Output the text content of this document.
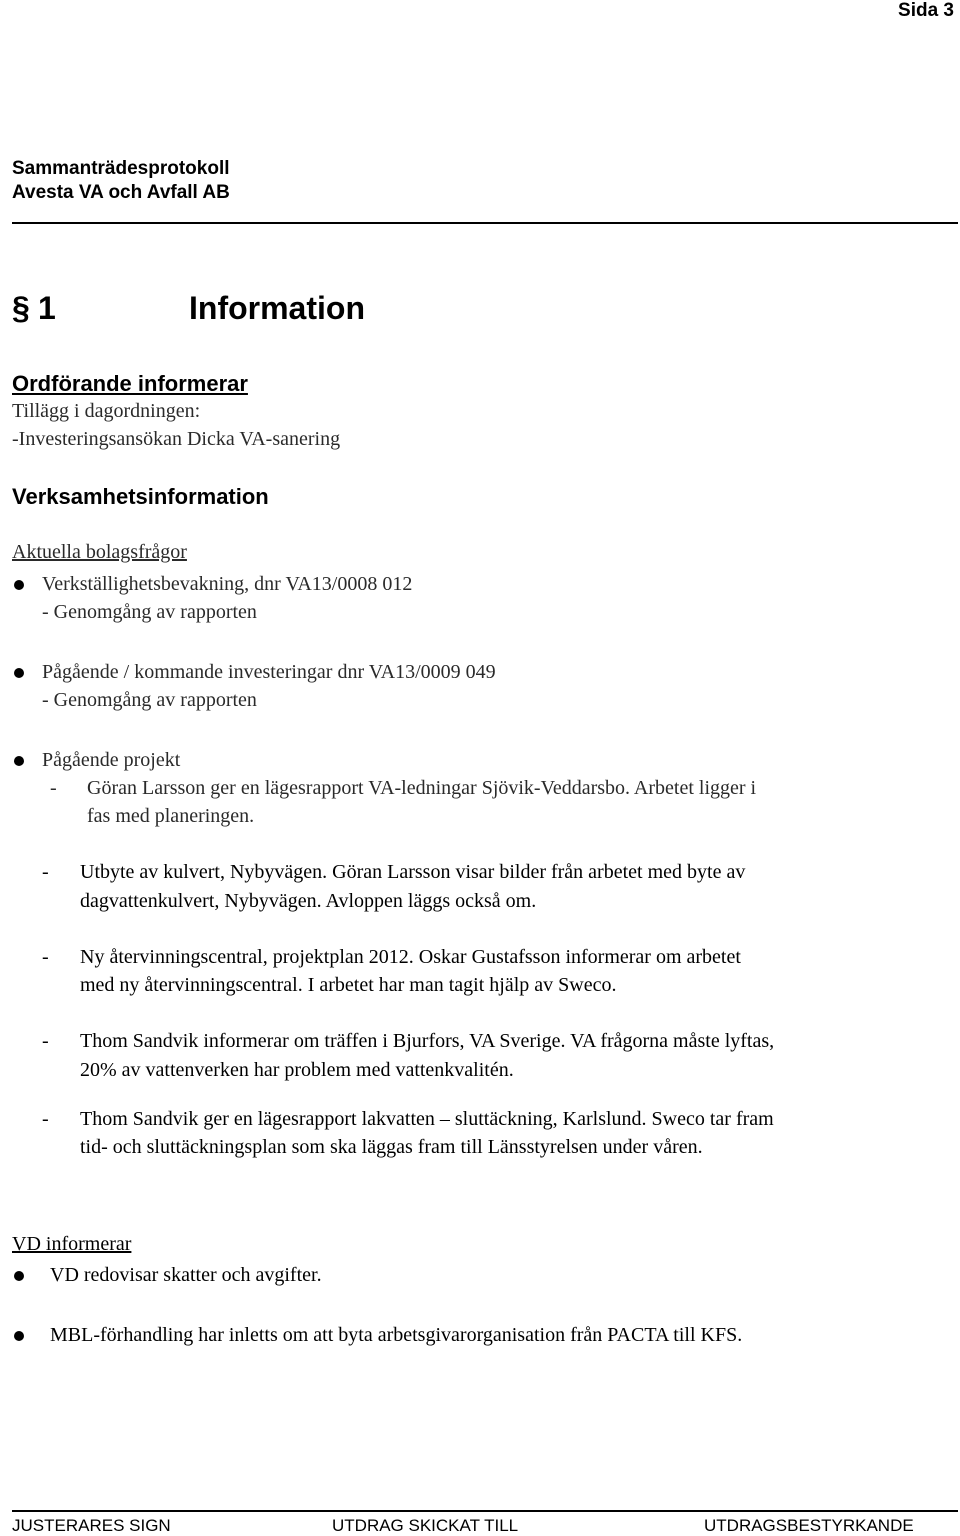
Sida 3
Sammanträdesprotokoll
Avesta VA och Avfall AB
§ 1	Information
Ordförande informerar
Tillägg i dagordningen:
-Investeringsansökan Dicka VA-sanering
Verksamhetsinformation
Aktuella bolagsfrågor
Verkställighetsbevakning, dnr VA13/0008 012
- Genomgång av rapporten
Pågående / kommande investeringar dnr VA13/0009 049
- Genomgång av rapporten
Pågående projekt
- Göran Larsson ger en lägesrapport VA-ledningar Sjövik-Veddarsbo. Arbetet ligger i
fas med planeringen.
- Utbyte av kulvert, Nybyvägen. Göran Larsson visar bilder från arbetet med byte av
dagvattenkulvert, Nybyvägen. Avloppen läggs också om.
- Ny återvinningscentral, projektplan 2012. Oskar Gustafsson informerar om arbetet
med ny återvinningscentral. I arbetet har man tagit hjälp av Sweco.
- Thom Sandvik informerar om träffen i Bjurfors, VA Sverige. VA frågorna måste lyftas,
20% av vattenverken har problem med vattenkvalitén.
- Thom Sandvik ger en lägesrapport lakvatten – sluttäckning, Karlslund. Sweco tar fram
tid- och sluttäckningsplan som ska läggas fram till Länsstyrelsen under våren.
VD informerar
VD redovisar skatter och avgifter.
MBL-förhandling har inletts om att byta arbetsgivarorganisation från PACTA till KFS.
JUSTERARES SIGN	UTDRAG SKICKAT TILL	UTDRAGSBESTYRKANDE
